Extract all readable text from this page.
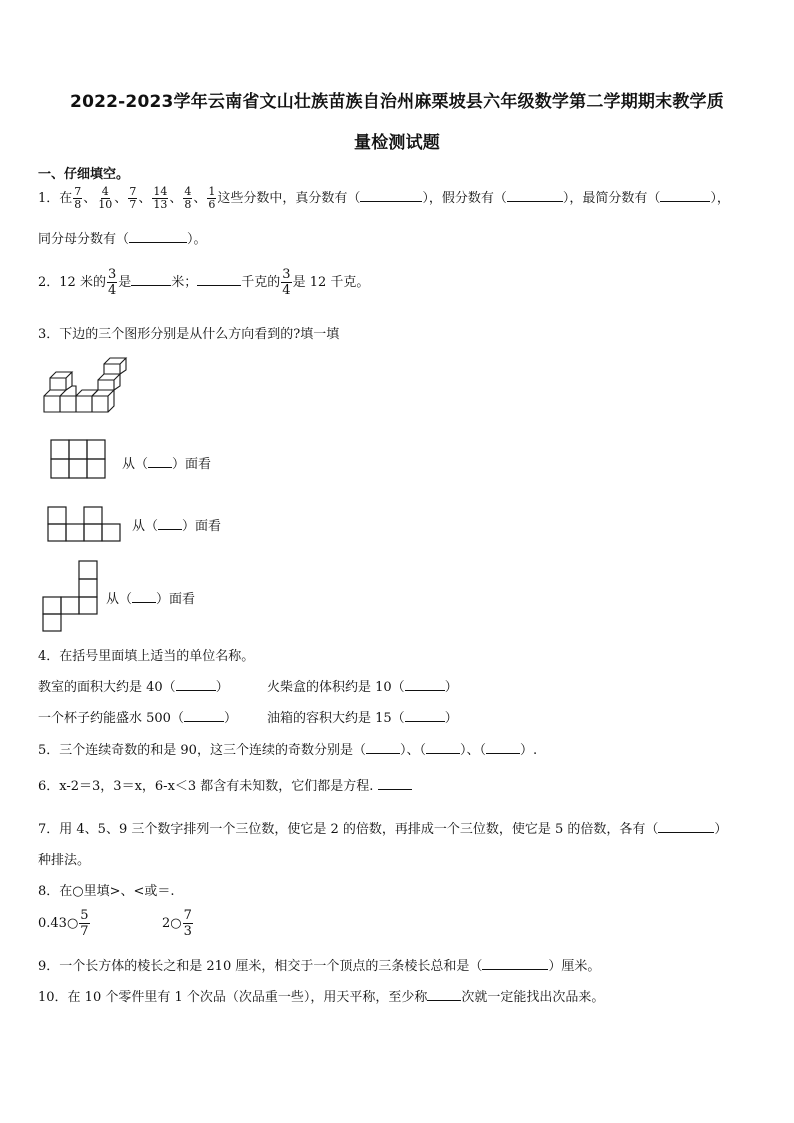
2022-2023学年云南省文山壮族苗族自治州麻栗坡县六年级数学第二学期期末教学质
量检测试题
一、仔细填空。
1．在 $\frac{7}{8}$ 、 $\frac{4}{10}$ 、 $\frac{7}{7}$ 、 $\frac{14}{13}$ 、 $\frac{4}{8}$ 、 $\frac{1}{6}$ 这些分数中，真分数有（	），假分数有（	），最简分数有（	），
同分母分数有（	）。
2．12 米的 $\frac{3}{4}$ 是	米；	千克的 $\frac{3}{4}$ 是 12 千克。
3．下边的三个图形分别是从什么方向看到的?填一填
从（ ）面看
从（ ）面看
从（ ）面看
4．在括号里面填上适当的单位名称。
教室的面积大约是 40（	）	火柴盒的体积约是 10（	）
一个杯子约能盛水 500（	） 油箱的容积大约是 15（	）
5．三个连续奇数的和是 90，这三个连续的奇数分别是（	）、（	）、（	）.
6．x-2＝3，3＝x，6-x＜3 都含有未知数，它们都是方程.
7．用 4、5、9 三个数字排列一个三位数，使它是 2 的倍数，再排成一个三位数，使它是 5 的倍数，各有（	）
种排法。
8．在○里填>、<或＝.
0.43○ $\frac{5}{7}$	2○ $\frac{7}{3}$
9．一个长方体的棱长之和是 210 厘米，相交于一个顶点的三条棱长总和是（	）厘米。
10．在 10 个零件里有 1 个次品（次品重一些），用天平称，至少称	次就一定能找出次品来。
